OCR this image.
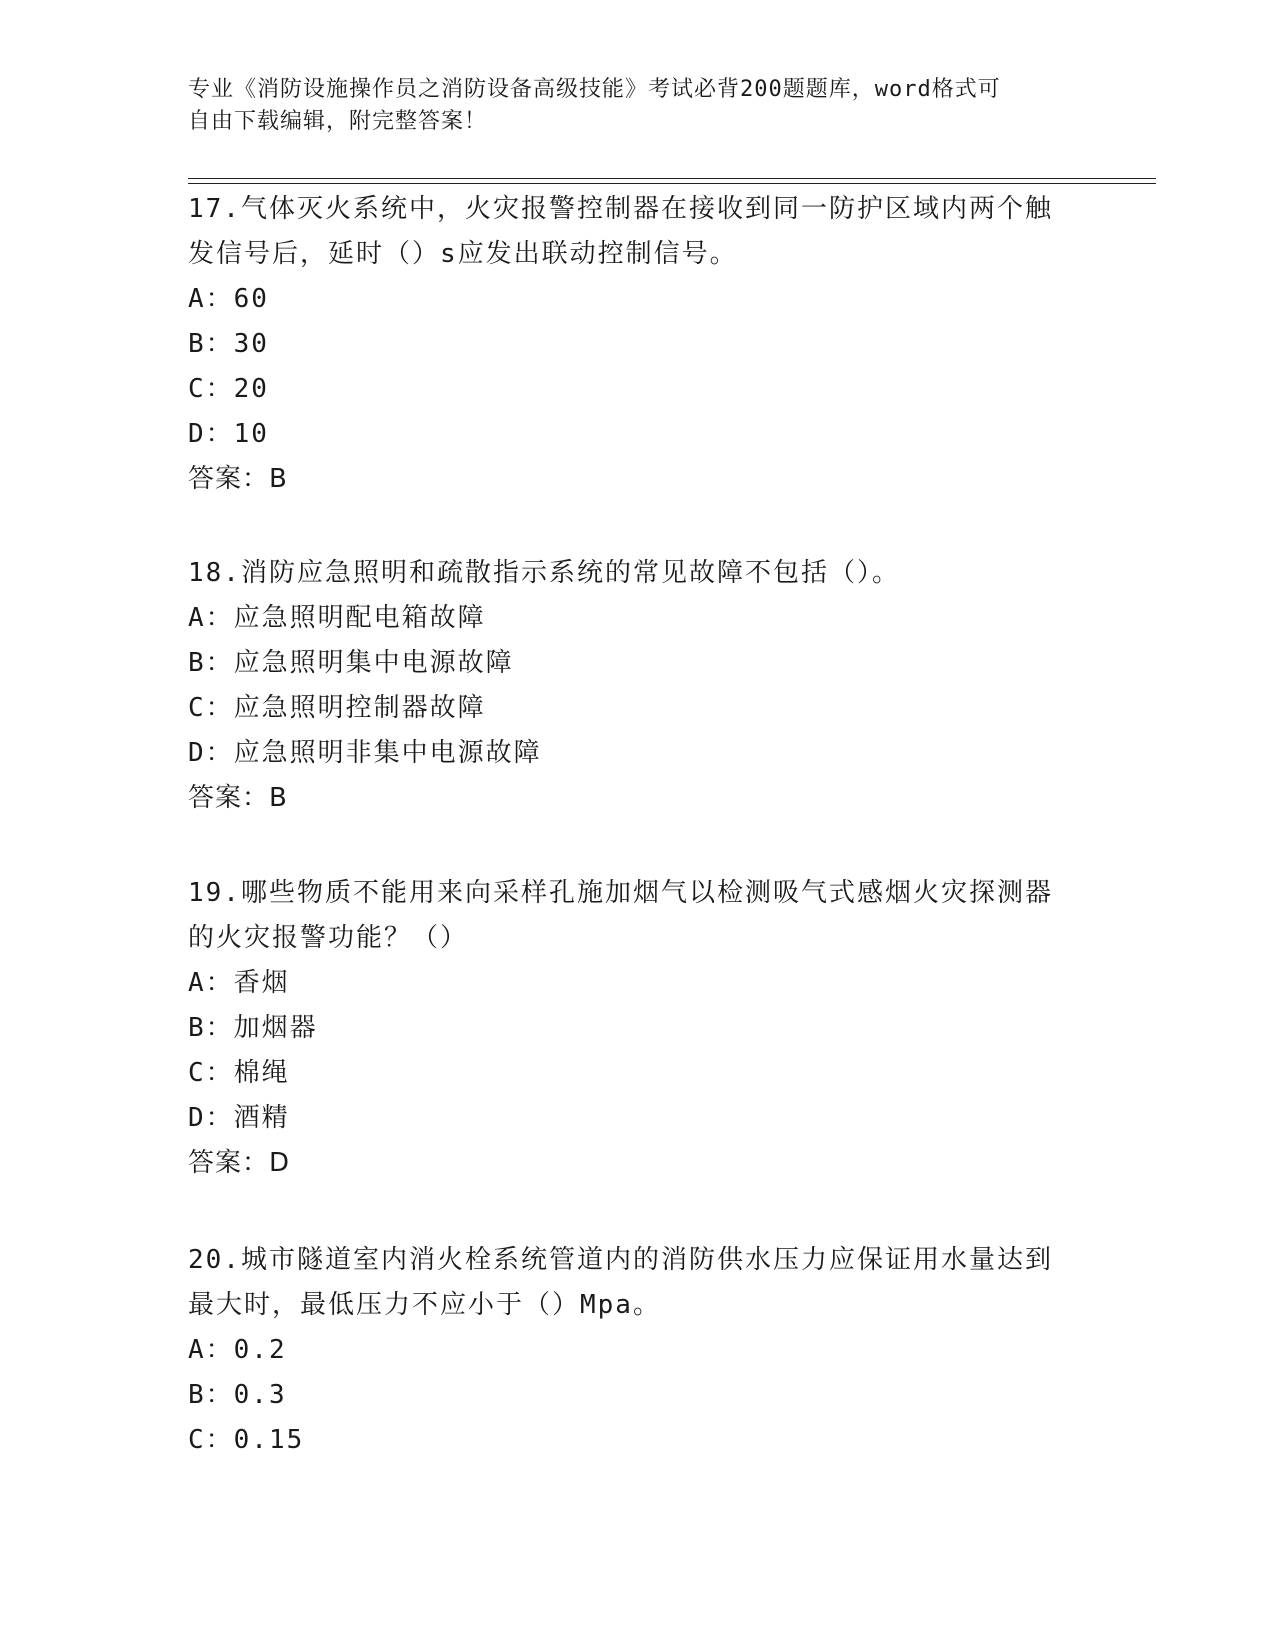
专业《消防设施操作员之消防设备高级技能》考试必背200题题库，word格式可
自由下载编辑，附完整答案！
17.气体灭火系统中，火灾报警控制器在接收到同一防护区域内两个触
发信号后，延时（）s应发出联动控制信号。
A：60
B：30
C：20
D：10
答案：B
18.消防应急照明和疏散指示系统的常见故障不包括（）。
A：应急照明配电箱故障
B：应急照明集中电源故障
C：应急照明控制器故障
D：应急照明非集中电源故障
答案：B
19.哪些物质不能用来向采样孔施加烟气以检测吸气式感烟火灾探测器
的火灾报警功能？（）
A：香烟
B：加烟器
C：棉绳
D：酒精
答案：D
20.城市隧道室内消火栓系统管道内的消防供水压力应保证用水量达到
最大时，最低压力不应小于（）Mpa。
A：0.2
B：0.3
C：0.15
